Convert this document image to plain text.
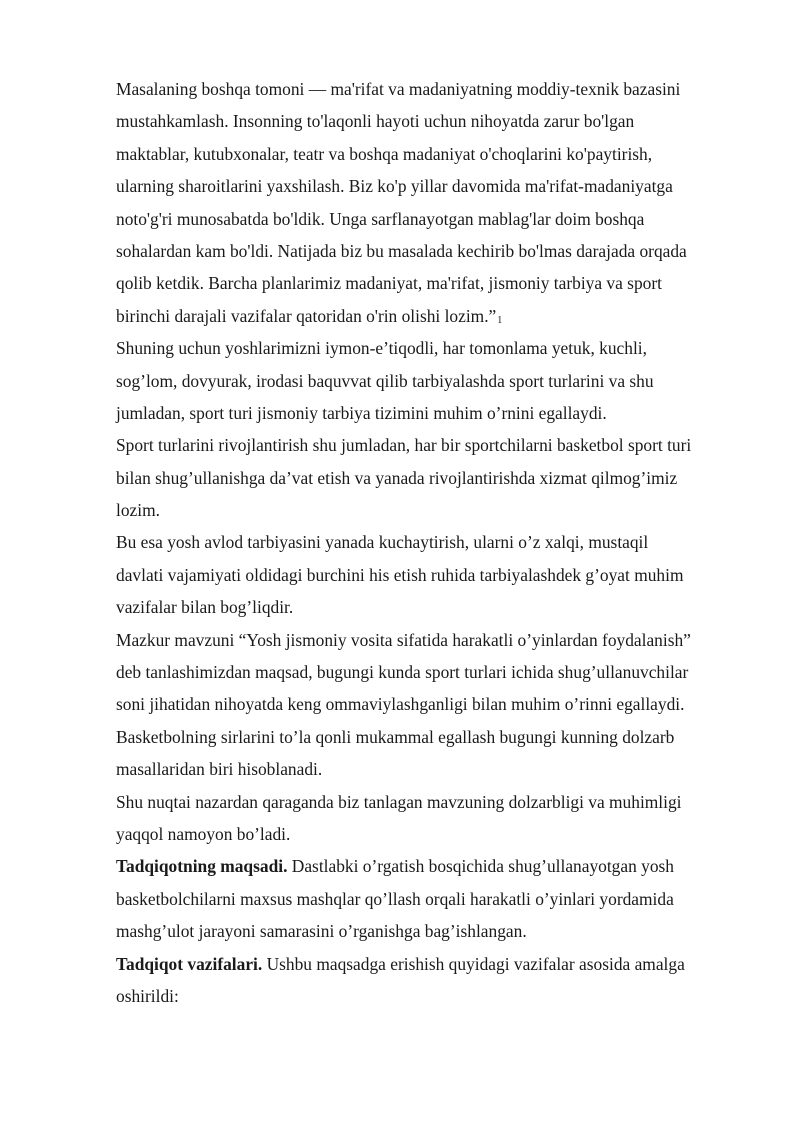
Masalaning boshqa tomoni — ma'rifat va madaniyatning moddiy-texnik bazasini
mustahkamlash. Insonning to'laqonli hayoti uchun nihoyatda zarur bo'lgan
maktablar, kutubxonalar, teatr va boshqa madaniyat o'choqlarini ko'paytirish,
ularning sharoitlarini yaxshilash. Biz ko'p yillar davomida ma'rifat-madaniyatga
noto'g'ri munosabatda bo'ldik. Unga sarflanayotgan mablag'lar doim boshqa
sohalardan kam bo'ldi. Natijada biz bu masalada kechirib bo'lmas darajada orqada
qolib ketdik. Barcha planlarimiz madaniyat, ma'rifat, jismoniy tarbiya va sport
birinchi darajali vazifalar qatoridan o'rin olishi lozim.”1
Shuning uchun yoshlarimizni iymon-e’tiqodli, har tomonlama yetuk, kuchli,
sog’lom, dovyurak, irodasi baquvvat qilib tarbiyalashda sport turlarini va shu
jumladan, sport turi jismoniy tarbiya tizimini muhim o’rnini egallaydi.
Sport turlarini rivojlantirish shu jumladan, har bir sportchilarni basketbol sport turi
bilan shug’ullanishga da’vat etish va yanada rivojlantirishda xizmat qilmog’imiz
lozim.
Bu esa yosh avlod tarbiyasini yanada kuchaytirish, ularni o’z xalqi, mustaqil
davlati vajamiyati oldidagi burchini his etish ruhida tarbiyalashdek g’oyat muhim
vazifalar bilan bog’liqdir.
Mazkur mavzuni “Yosh jismoniy vosita sifatida harakatli o’yinlardan foydalanish”
deb tanlashimizdan maqsad, bugungi kunda sport turlari ichida shug’ullanuvchilar
soni jihatidan nihoyatda keng ommaviylashganligi bilan muhim o’rinni egallaydi.
Basketbolning sirlarini to’la qonli mukammal egallash bugungi kunning dolzarb
masallaridan biri hisoblanadi.
Shu nuqtai nazardan qaraganda biz tanlagan mavzuning dolzarbligi va muhimligi
yaqqol namoyon bo’ladi.
Tadqiqotning maqsadi. Dastlabki o’rgatish bosqichida shug’ullanayotgan yosh
basketbolchilarni maxsus mashqlar qo’llash orqali harakatli o’yinlari yordamida
mashg’ulot jarayoni samarasini o’rganishga bag’ishlangan.
Tadqiqot vazifalari. Ushbu maqsadga erishish quyidagi vazifalar asosida amalga
oshirildi:
